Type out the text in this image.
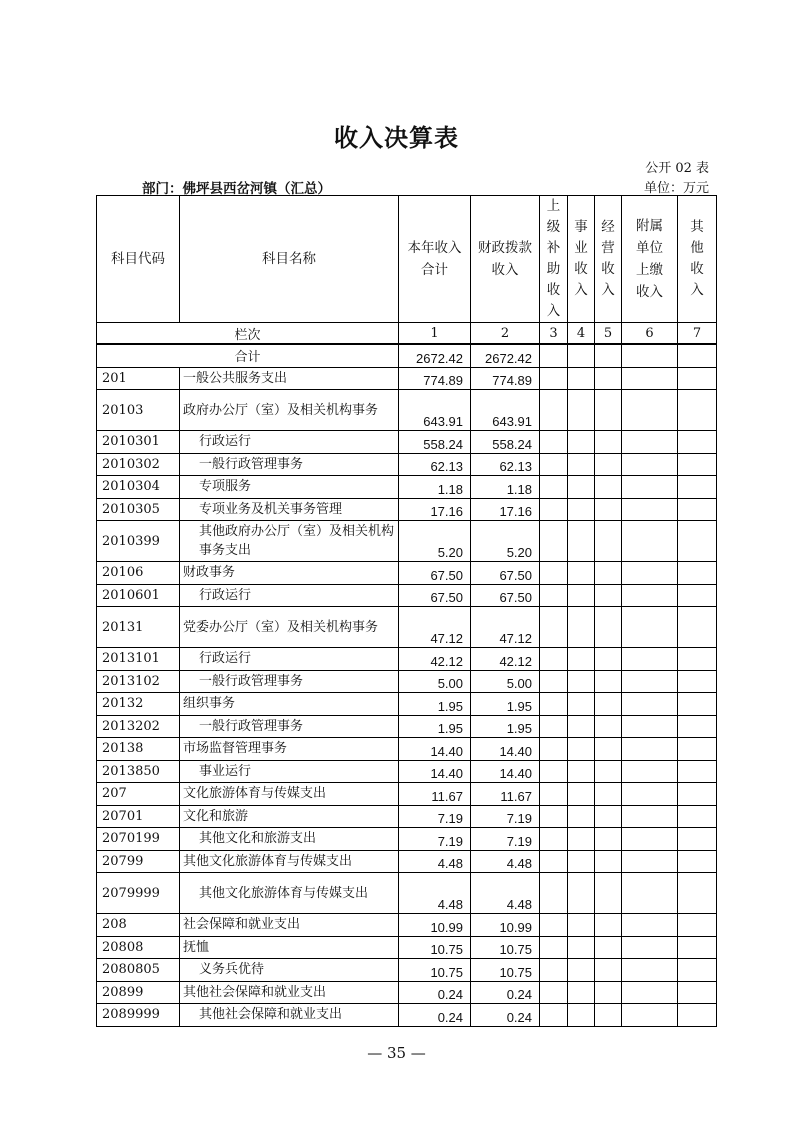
收入决算表
公开 02 表
部门：佛坪县西岔河镇（汇总）	单位：万元
科目代码	科目名称	本年收入合计	财政拨款收入	上级补助收入	事业收入	经营收入	附属单位上缴收入	其他收入

栏次		1	2	3	4	5	6	7
合计		2672.42	2672.42					
201	一般公共服务支出	774.89	774.89					
20103	政府办公厅（室）及相关机构事务	643.91	643.91					
2010301	行政运行	558.24	558.24					
2010302	一般行政管理事务	62.13	62.13					
2010304	专项服务	1.18	1.18					
2010305	专项业务及机关事务管理	17.16	17.16					
2010399	其他政府办公厅（室）及相关机构事务支出	5.20	5.20					
20106	财政事务	67.50	67.50					
2010601	行政运行	67.50	67.50					
20131	党委办公厅（室）及相关机构事务	47.12	47.12					
2013101	行政运行	42.12	42.12					
2013102	一般行政管理事务	5.00	5.00					
20132	组织事务	1.95	1.95					
2013202	一般行政管理事务	1.95	1.95					
20138	市场监督管理事务	14.40	14.40					
2013850	事业运行	14.40	14.40					
207	文化旅游体育与传媒支出	11.67	11.67					
20701	文化和旅游	7.19	7.19					
2070199	其他文化和旅游支出	7.19	7.19					
20799	其他文化旅游体育与传媒支出	4.48	4.48					
2079999	其他文化旅游体育与传媒支出	4.48	4.48					
208	社会保障和就业支出	10.99	10.99					
20808	抚恤	10.75	10.75					
2080805	义务兵优待	10.75	10.75					
20899	其他社会保障和就业支出	0.24	0.24					
2089999	其他社会保障和就业支出	0.24	0.24					
— 35 —
